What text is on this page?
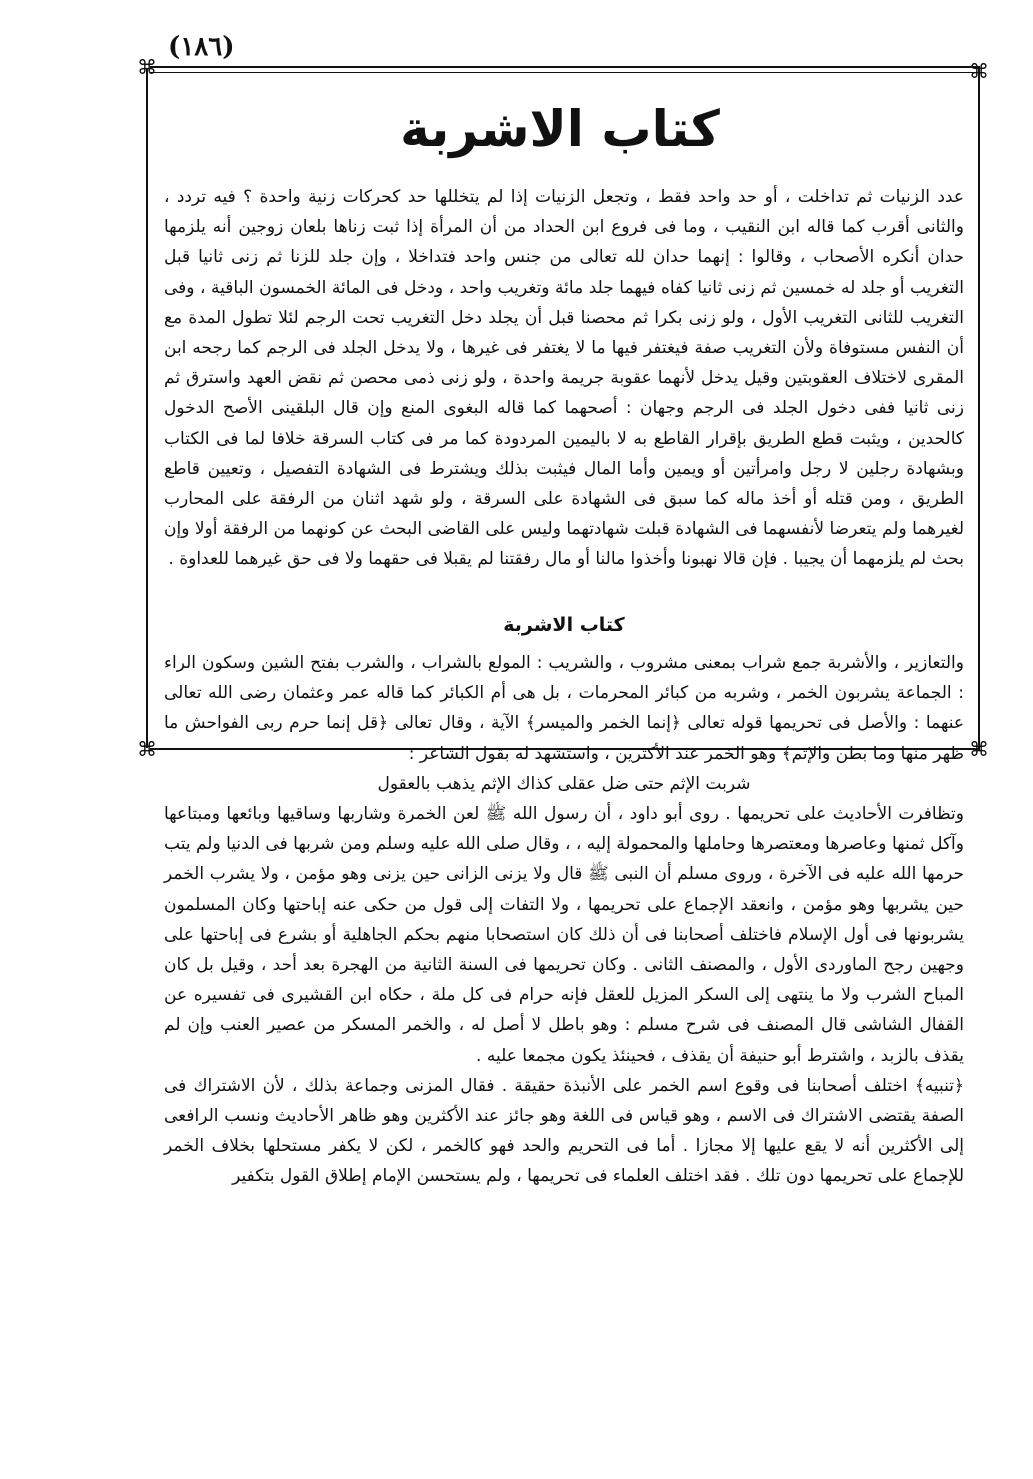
(١٨٦)
⌘	⌘
⌘	⌘
كتاب الاشربة

عدد الزنيات ثم تداخلت ، أو حد واحد فقط ، وتجعل الزنيات إذا لم يتخللها حد كحركات زنية واحدة ؟ فيه تردد ، والثانى أقرب كما قاله ابن النقيب ، وما فى فروع ابن الحداد من أن المرأة إذا ثبت زناها بلعان زوجين أنه يلزمها حدان أنكره الأصحاب ، وقالوا : إنهما حدان لله تعالى من جنس واحد فتداخلا ، وإن جلد للزنا ثم زنى ثانيا قبل التغريب أو جلد له خمسين ثم زنى ثانيا كفاه فيهما جلد مائة وتغريب واحد ، ودخل فى المائة الخمسون الباقية ، وفى التغريب للثانى التغريب الأول ، ولو زنى بكرا ثم محصنا قبل أن يجلد دخل التغريب تحت الرجم لئلا تطول المدة مع أن النفس مستوفاة ولأن التغريب صفة فيغتفر فيها ما لا يغتفر فى غيرها ، ولا يدخل الجلد فى الرجم كما رجحه ابن المقرى لاختلاف العقوبتين وقيل يدخل لأنهما عقوبة جريمة واحدة ، ولو زنى ذمى محصن ثم نقض العهد واسترق ثم زنى ثانيا ففى دخول الجلد فى الرجم وجهان : أصحهما كما قاله البغوى المنع وإن قال البلقينى الأصح الدخول كالحدين ، ويثبت قطع الطريق بإقرار القاطع به لا باليمين المردودة كما مر فى كتاب السرقة خلافا لما فى الكتاب وبشهادة رجلين لا رجل وامرأتين أو ويمين وأما المال فيثبت بذلك ويشترط فى الشهادة التفصيل ، وتعيين قاطع الطريق ، ومن قتله أو أخذ ماله كما سبق فى الشهادة على السرقة ، ولو شهد اثنان من الرفقة على المحارب لغيرهما ولم يتعرضا لأنفسهما فى الشهادة قبلت شهادتهما وليس على القاضى البحث عن كونهما من الرفقة أولا وإن بحث لم يلزمهما أن يجيبا . فإن قالا نهبونا وأخذوا مالنا أو مال رفقتنا لم يقبلا فى حقهما ولا فى حق غيرهما للعداوة .

كتاب الاشربة

والتعازير ، والأشربة جمع شراب بمعنى مشروب ، والشريب : المولع بالشراب ، والشرب بفتح الشين وسكون الراء : الجماعة يشربون الخمر ، وشربه من كبائر المحرمات ، بل هى أم الكبائر كما قاله عمر وعثمان رضى الله تعالى عنهما : والأصل فى تحريمها قوله تعالى ﴿إنما الخمر والميسر﴾ الآية ، وقال تعالى ﴿قل إنما حرم ربى الفواحش ما ظهر منها وما بطن والإثم﴾ وهو الخمر عند الأكثرين ، واستشهد له بقول الشاعر :

شربت الإثم حتى ضل عقلى كذاك الإثم يذهب بالعقول

وتظافرت الأحاديث على تحريمها . روى أبو داود ، أن رسول الله ﷺ لعن الخمرة وشاربها وساقيها وبائعها ومبتاعها وآكل ثمنها وعاصرها ومعتصرها وحاملها والمحمولة إليه ، ، وقال صلى الله عليه وسلم ومن شربها فى الدنيا ولم يتب حرمها الله عليه فى الآخرة ، وروى مسلم أن النبى ﷺ قال ولا يزنى الزانى حين يزنى وهو مؤمن ، ولا يشرب الخمر حين يشربها وهو مؤمن ، وانعقد الإجماع على تحريمها ، ولا التفات إلى قول من حكى عنه إباحتها وكان المسلمون يشربونها فى أول الإسلام فاختلف أصحابنا فى أن ذلك كان استصحابا منهم بحكم الجاهلية أو بشرع فى إباحتها على وجهين رجح الماوردى الأول ، والمصنف الثانى . وكان تحريمها فى السنة الثانية من الهجرة بعد أحد ، وقيل بل كان المباح الشرب ولا ما ينتهى إلى السكر المزيل للعقل فإنه حرام فى كل ملة ، حكاه ابن القشيرى فى تفسيره عن القفال الشاشى قال المصنف فى شرح مسلم : وهو باطل لا أصل له ، والخمر المسكر من عصير العنب وإن لم يقذف بالزبد ، واشترط أبو حنيفة أن يقذف ، فحينئذ يكون مجمعا عليه .

﴿تنبيه﴾ اختلف أصحابنا فى وقوع اسم الخمر على الأنبذة حقيقة . فقال المزنى وجماعة بذلك ، لأن الاشتراك فى الصفة يقتضى الاشتراك فى الاسم ، وهو قياس فى اللغة وهو جائز عند الأكثرين وهو ظاهر الأحاديث ونسب الرافعى إلى الأكثرين أنه لا يقع عليها إلا مجازا . أما فى التحريم والحد فهو كالخمر ، لكن لا يكفر مستحلها بخلاف الخمر للإجماع على تحريمها دون تلك . فقد اختلف العلماء فى تحريمها ، ولم يستحسن الإمام إطلاق القول بتكفير
